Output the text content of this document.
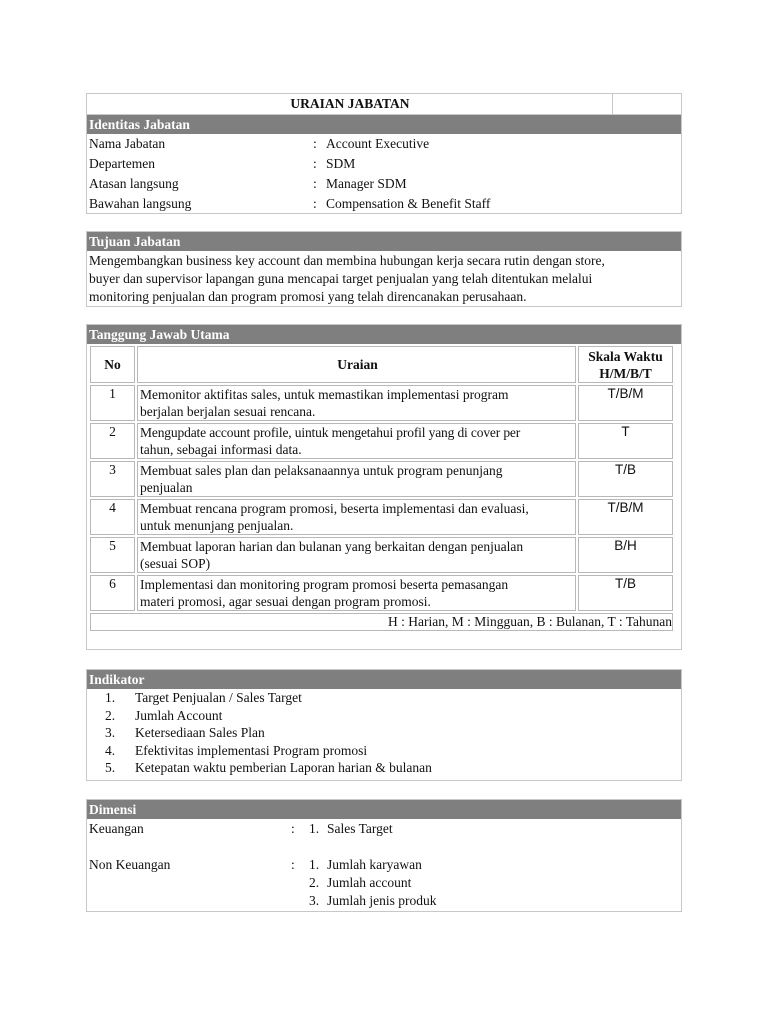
URAIAN JABATAN
Identitas Jabatan
Nama Jabatan	: Account Executive
Departemen	: SDM
Atasan langsung	: Manager SDM
Bawahan langsung	: Compensation & Benefit Staff
Tujuan Jabatan
Mengembangkan business key account dan membina hubungan kerja secara rutin dengan store,
buyer dan supervisor lapangan guna mencapai target penjualan yang telah ditentukan melalui
monitoring penjualan dan program promosi yang telah direncanakan perusahaan.
Tanggung Jawab Utama
No	Uraian	Skala Waktu
H/M/B/T

1	Memonitor aktifitas sales, untuk memastikan implementasi program
berjalan berjalan sesuai rencana.	T/B/M
2	Mengupdate account profile, uintuk mengetahui profil yang di cover per
tahun, sebagai informasi data.	T
3	Membuat sales plan dan pelaksanaannya untuk program penunjang
penjualan	T/B
4	Membuat rencana program promosi, beserta implementasi dan evaluasi,
untuk menunjang penjualan.	T/B/M
5	Membuat laporan harian dan bulanan yang berkaitan dengan penjualan
(sesuai SOP)	B/H
6	Implementasi dan monitoring program promosi beserta pemasangan
materi promosi, agar sesuai dengan program promosi.	T/B
H : Harian, M : Mingguan, B : Bulanan, T : Tahunan		
Indikator
1. Target Penjualan / Sales Target
2. Jumlah Account
3. Ketersediaan Sales Plan
4. Efektivitas implementasi Program promosi
5. Ketepatan waktu pemberian Laporan harian & bulanan
Dimensi
Keuangan	: 1. Sales Target
Non Keuangan	: 1. Jumlah karyawan
2. Jumlah account
3. Jumlah jenis produk
